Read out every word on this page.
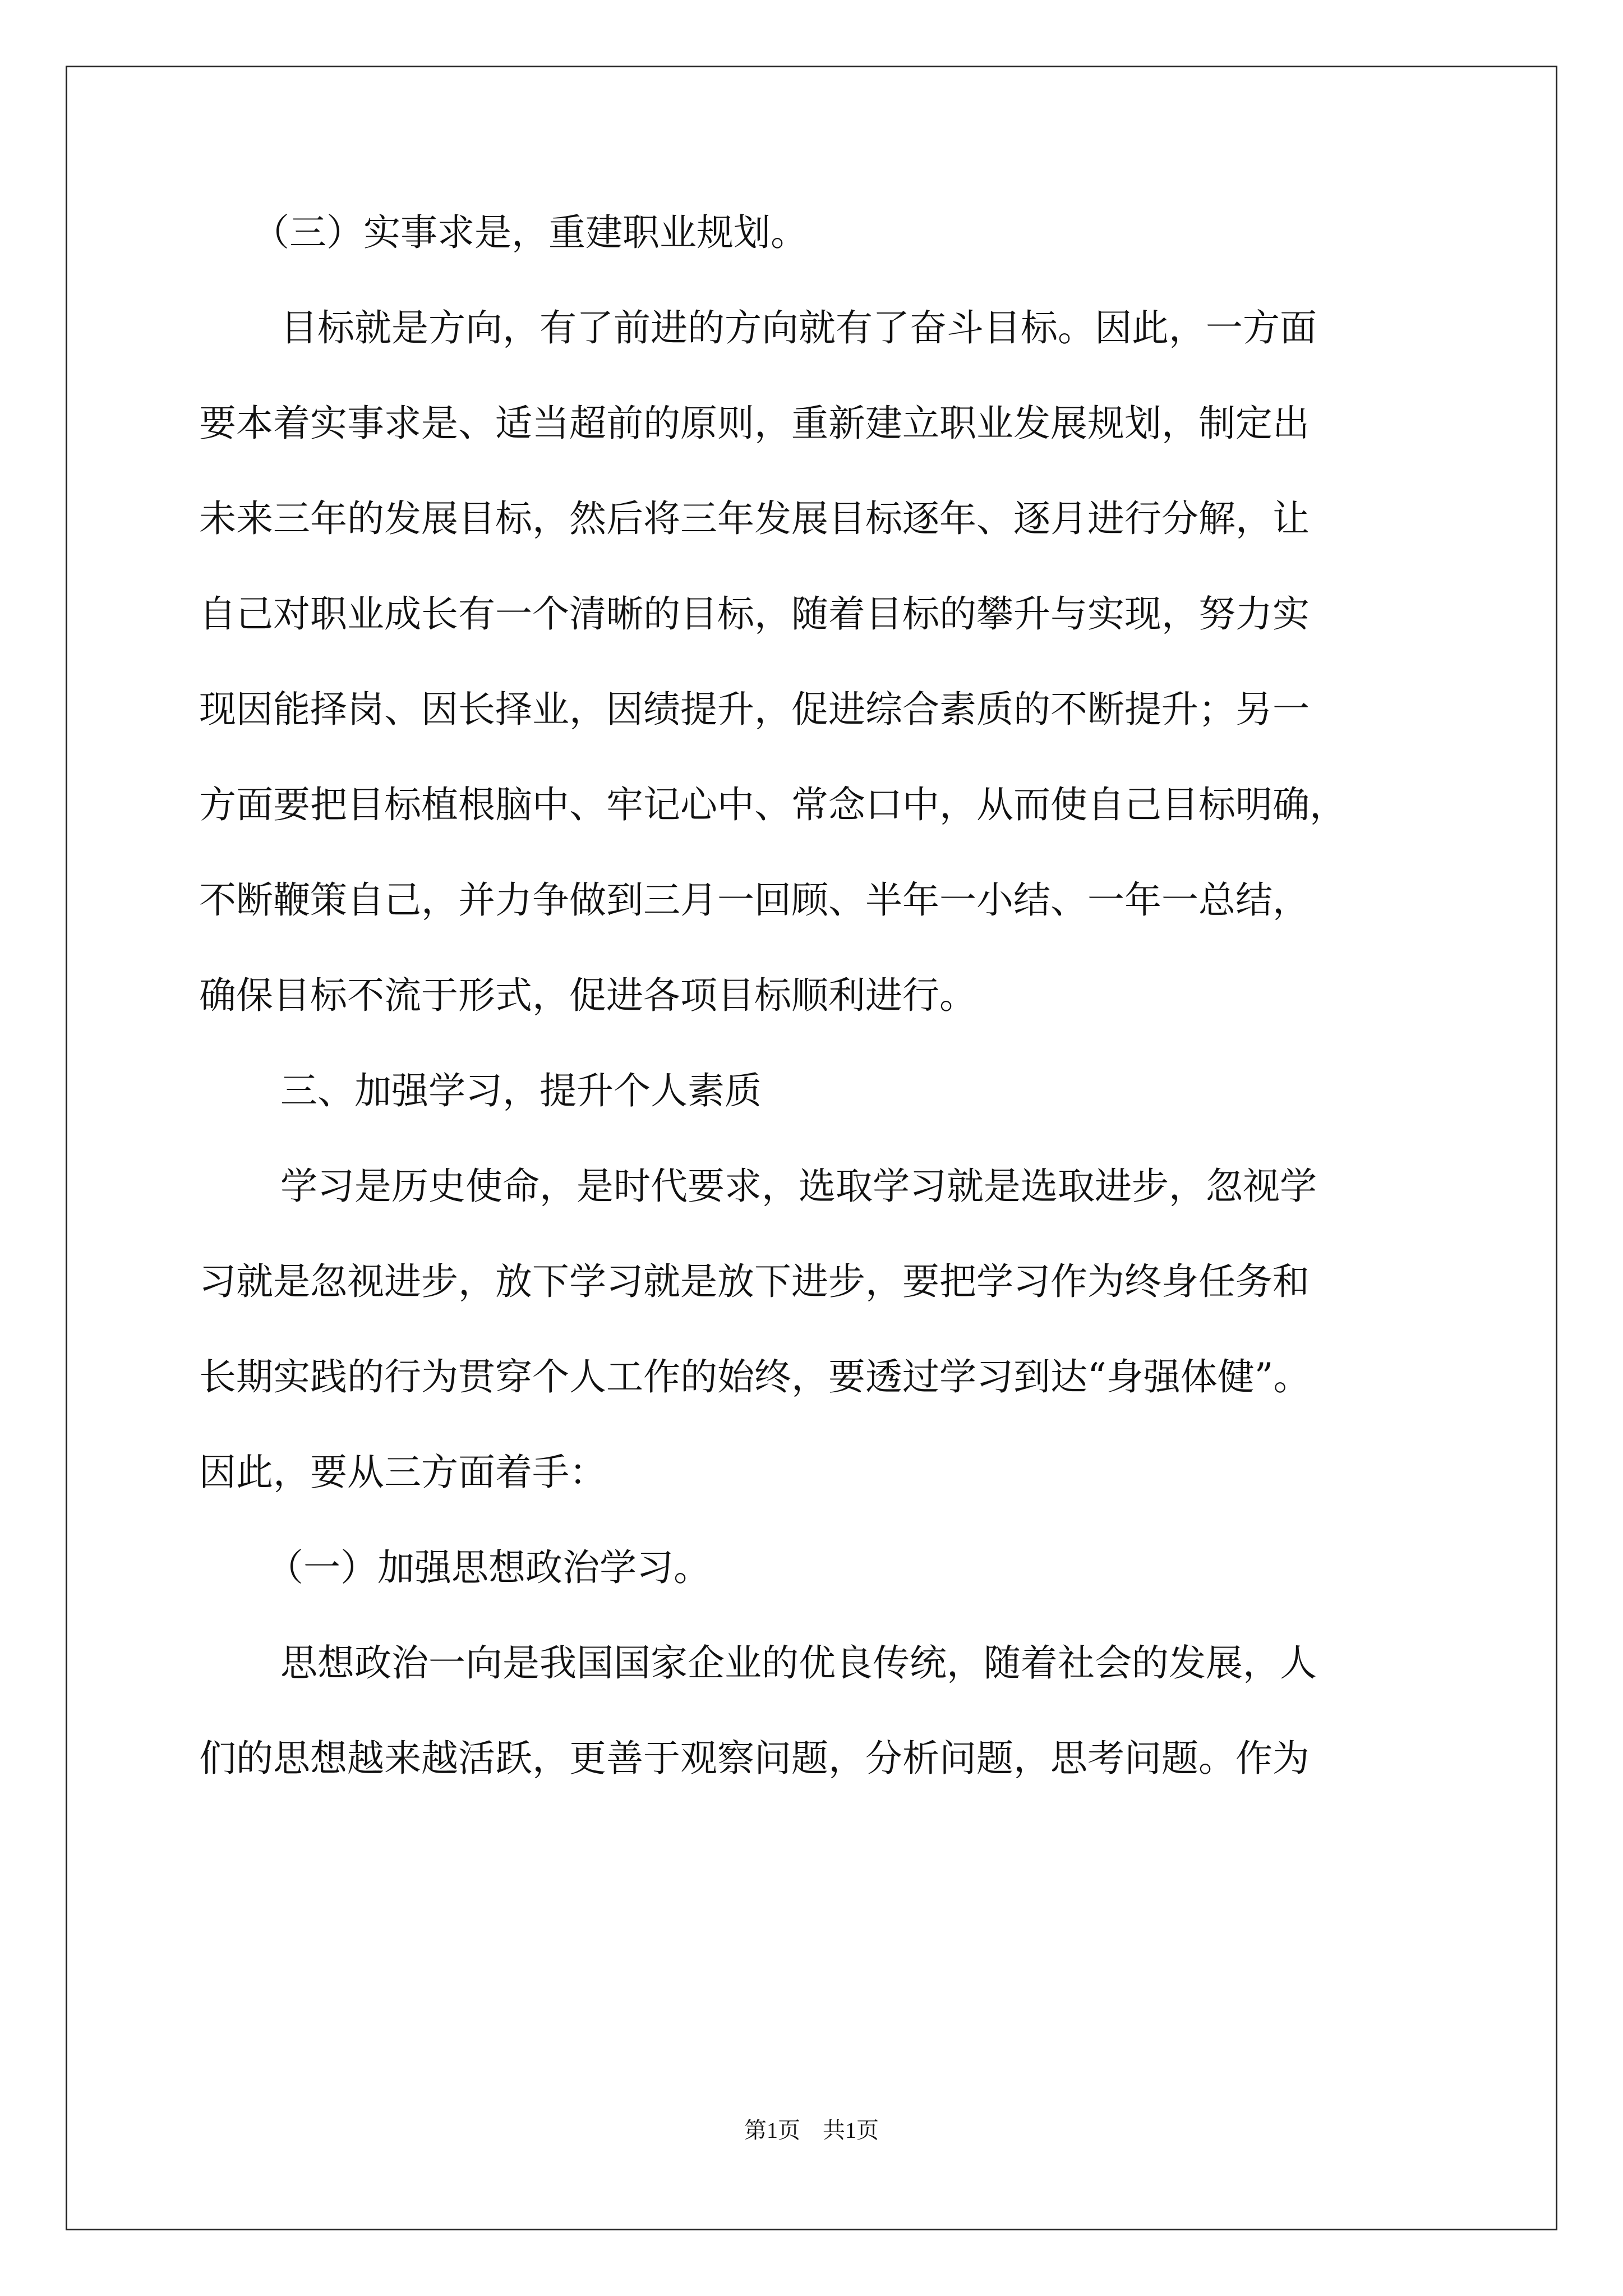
（三）实事求是，重建职业规划。
目标就是方向，有了前进的方向就有了奋斗目标。因此，一方面
要本着实事求是、适当超前的原则，重新建立职业发展规划，制定出
未来三年的发展目标，然后将三年发展目标逐年、逐月进行分解，让
自己对职业成长有一个清晰的目标，随着目标的攀升与实现，努力实
现因能择岗、因长择业，因绩提升，促进综合素质的不断提升；另一
方面要把目标植根脑中、牢记心中、常念口中，从而使自己目标明确，
不断鞭策自己，并力争做到三月一回顾、半年一小结、一年一总结，
确保目标不流于形式，促进各项目标顺利进行。
三、加强学习，提升个人素质
学习是历史使命，是时代要求，选取学习就是选取进步，忽视学
习就是忽视进步，放下学习就是放下进步，要把学习作为终身任务和
长期实践的行为贯穿个人工作的始终，要透过学习到达“身强体健”。
因此，要从三方面着手：
（一）加强思想政治学习。
思想政治一向是我国国家企业的优良传统，随着社会的发展，人
们的思想越来越活跃，更善于观察问题，分析问题，思考问题。作为
第1页　共1页
